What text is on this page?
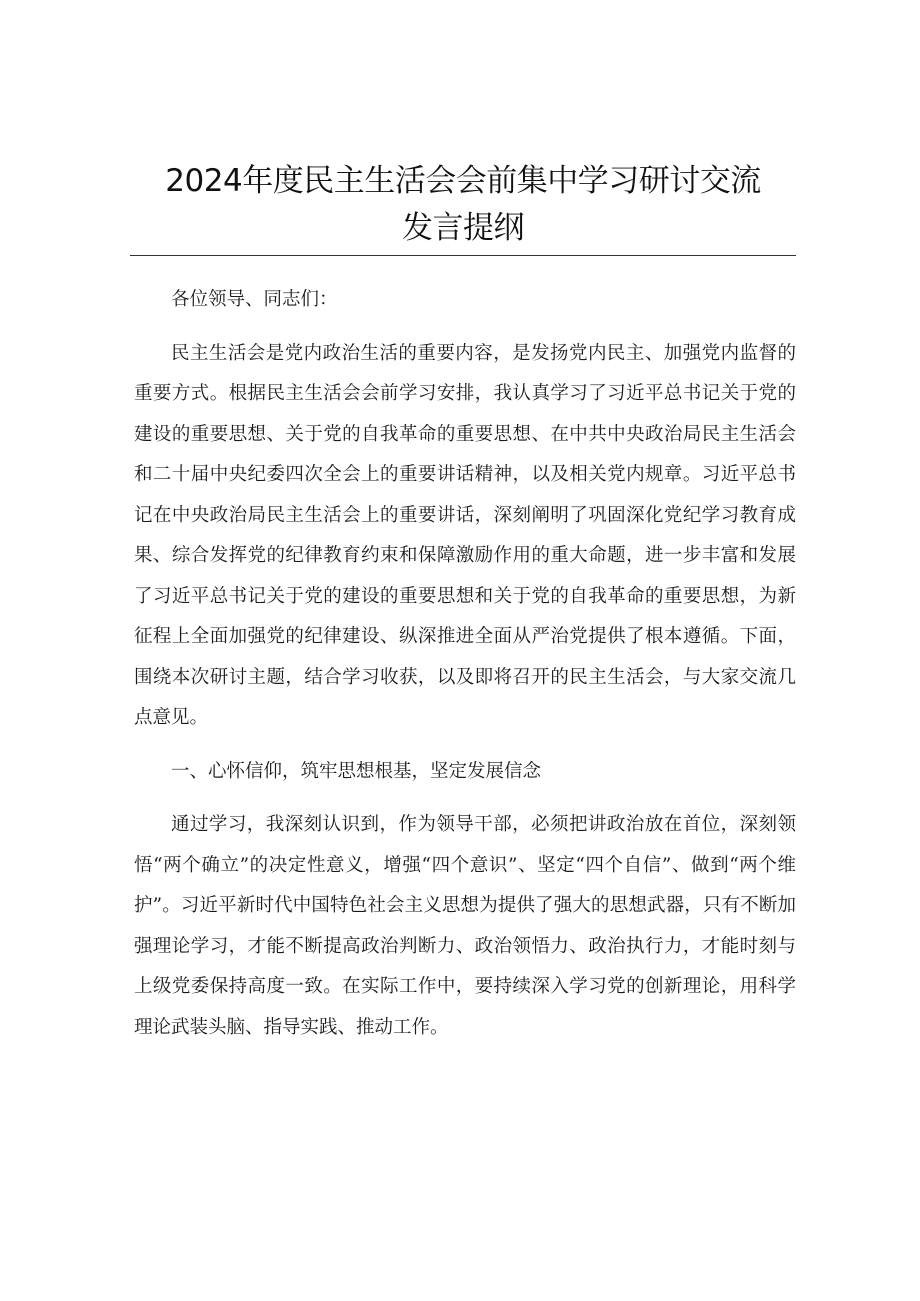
2024年度民主生活会会前集中学习研讨交流
发言提纲

各位领导、同志们：

民主生活会是党内政治生活的重要内容，是发扬党内民主、加强党内监督的重要方式。根据民主生活会会前学习安排，我认真学习了习近平总书记关于党的建设的重要思想、关于党的自我革命的重要思想、在中共中央政治局民主生活会和二十届中央纪委四次全会上的重要讲话精神，以及相关党内规章。习近平总书记在中央政治局民主生活会上的重要讲话，深刻阐明了巩固深化党纪学习教育成果、综合发挥党的纪律教育约束和保障激励作用的重大命题，进一步丰富和发展了习近平总书记关于党的建设的重要思想和关于党的自我革命的重要思想，为新征程上全面加强党的纪律建设、纵深推进全面从严治党提供了根本遵循。下面，围绕本次研讨主题，结合学习收获，以及即将召开的民主生活会，与大家交流几点意见。

一、心怀信仰，筑牢思想根基，坚定发展信念

通过学习，我深刻认识到，作为领导干部，必须把讲政治放在首位，深刻领悟“两个确立”的决定性意义，增强“四个意识”、坚定“四个自信”、做到“两个维护”。习近平新时代中国特色社会主义思想为提供了强大的思想武器，只有不断加强理论学习，才能不断提高政治判断力、政治领悟力、政治执行力，才能时刻与上级党委保持高度一致。在实际工作中，要持续深入学习党的创新理论，用科学理论武装头脑、指导实践、推动工作。
